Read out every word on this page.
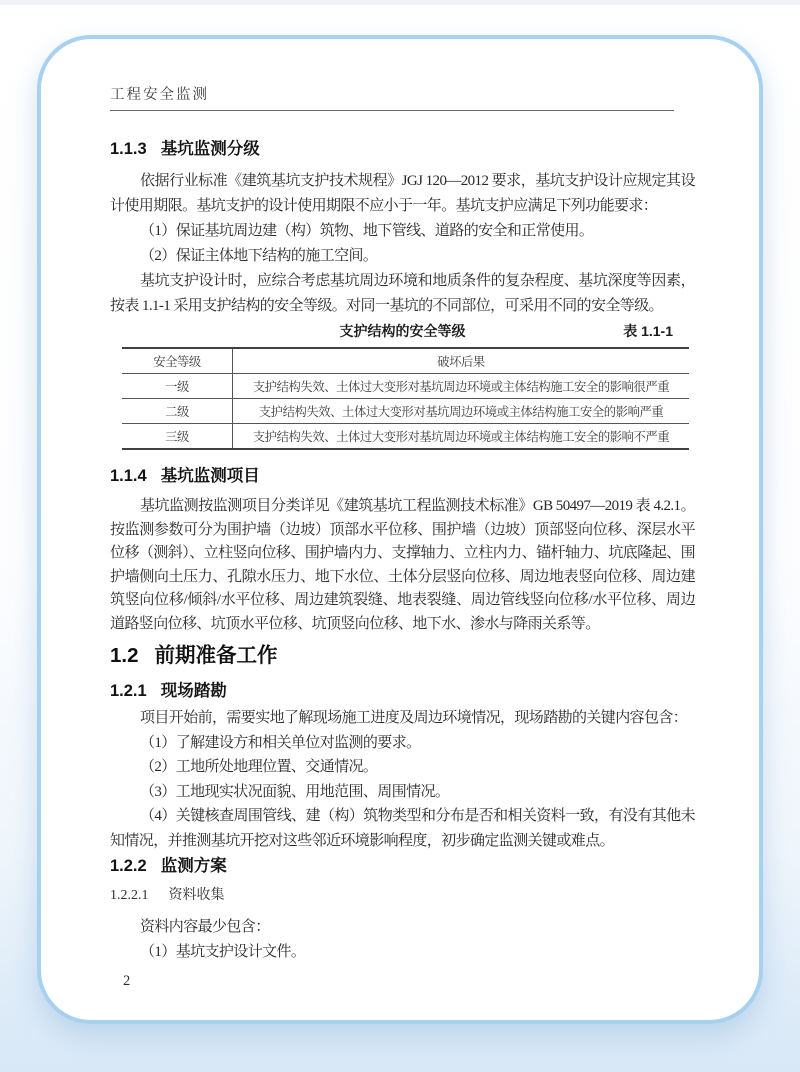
工程安全监测
1.1.3 基坑监测分级

依据行业标准《建筑基坑支护技术规程》JGJ 120—2012 要求，基坑支护设计应规定其设计使用期限。基坑支护的设计使用期限不应小于一年。基坑支护应满足下列功能要求：

（1）保证基坑周边建（构）筑物、地下管线、道路的安全和正常使用。

（2）保证主体地下结构的施工空间。

基坑支护设计时，应综合考虑基坑周边环境和地质条件的复杂程度、基坑深度等因素，按表 1.1-1 采用支护结构的安全等级。对同一基坑的不同部位，可采用不同的安全等级。

支护结构的安全等级	表 1.1-1
安全等级	破坏后果
一级	支护结构失效、土体过大变形对基坑周边环境或主体结构施工安全的影响很严重
二级	支护结构失效、土体过大变形对基坑周边环境或主体结构施工安全的影响严重
三级	支护结构失效、土体过大变形对基坑周边环境或主体结构施工安全的影响不严重
1.1.4 基坑监测项目

基坑监测按监测项目分类详见《建筑基坑工程监测技术标准》GB 50497—2019 表 4.2.1。按监测参数可分为围护墙（边坡）顶部水平位移、围护墙（边坡）顶部竖向位移、深层水平位移（测斜）、立柱竖向位移、围护墙内力、支撑轴力、立柱内力、锚杆轴力、坑底隆起、围护墙侧向土压力、孔隙水压力、地下水位、土体分层竖向位移、周边地表竖向位移、周边建筑竖向位移/倾斜/水平位移、周边建筑裂缝、地表裂缝、周边管线竖向位移/水平位移、周边道路竖向位移、坑顶水平位移、坑顶竖向位移、地下水、渗水与降雨关系等。

1.2 前期准备工作
1.2.1 现场踏勘

项目开始前，需要实地了解现场施工进度及周边环境情况，现场踏勘的关键内容包含：

（1）了解建设方和相关单位对监测的要求。

（2）工地所处地理位置、交通情况。

（3）工地现实状况面貌、用地范围、周围情况。

（4）关键核查周围管线、建（构）筑物类型和分布是否和相关资料一致，有没有其他未知情况，并推测基坑开挖对这些邻近环境影响程度，初步确定监测关键或难点。

1.2.2 监测方案
1.2.2.1 资料收集

资料内容最少包含：

（1）基坑支护设计文件。

2
